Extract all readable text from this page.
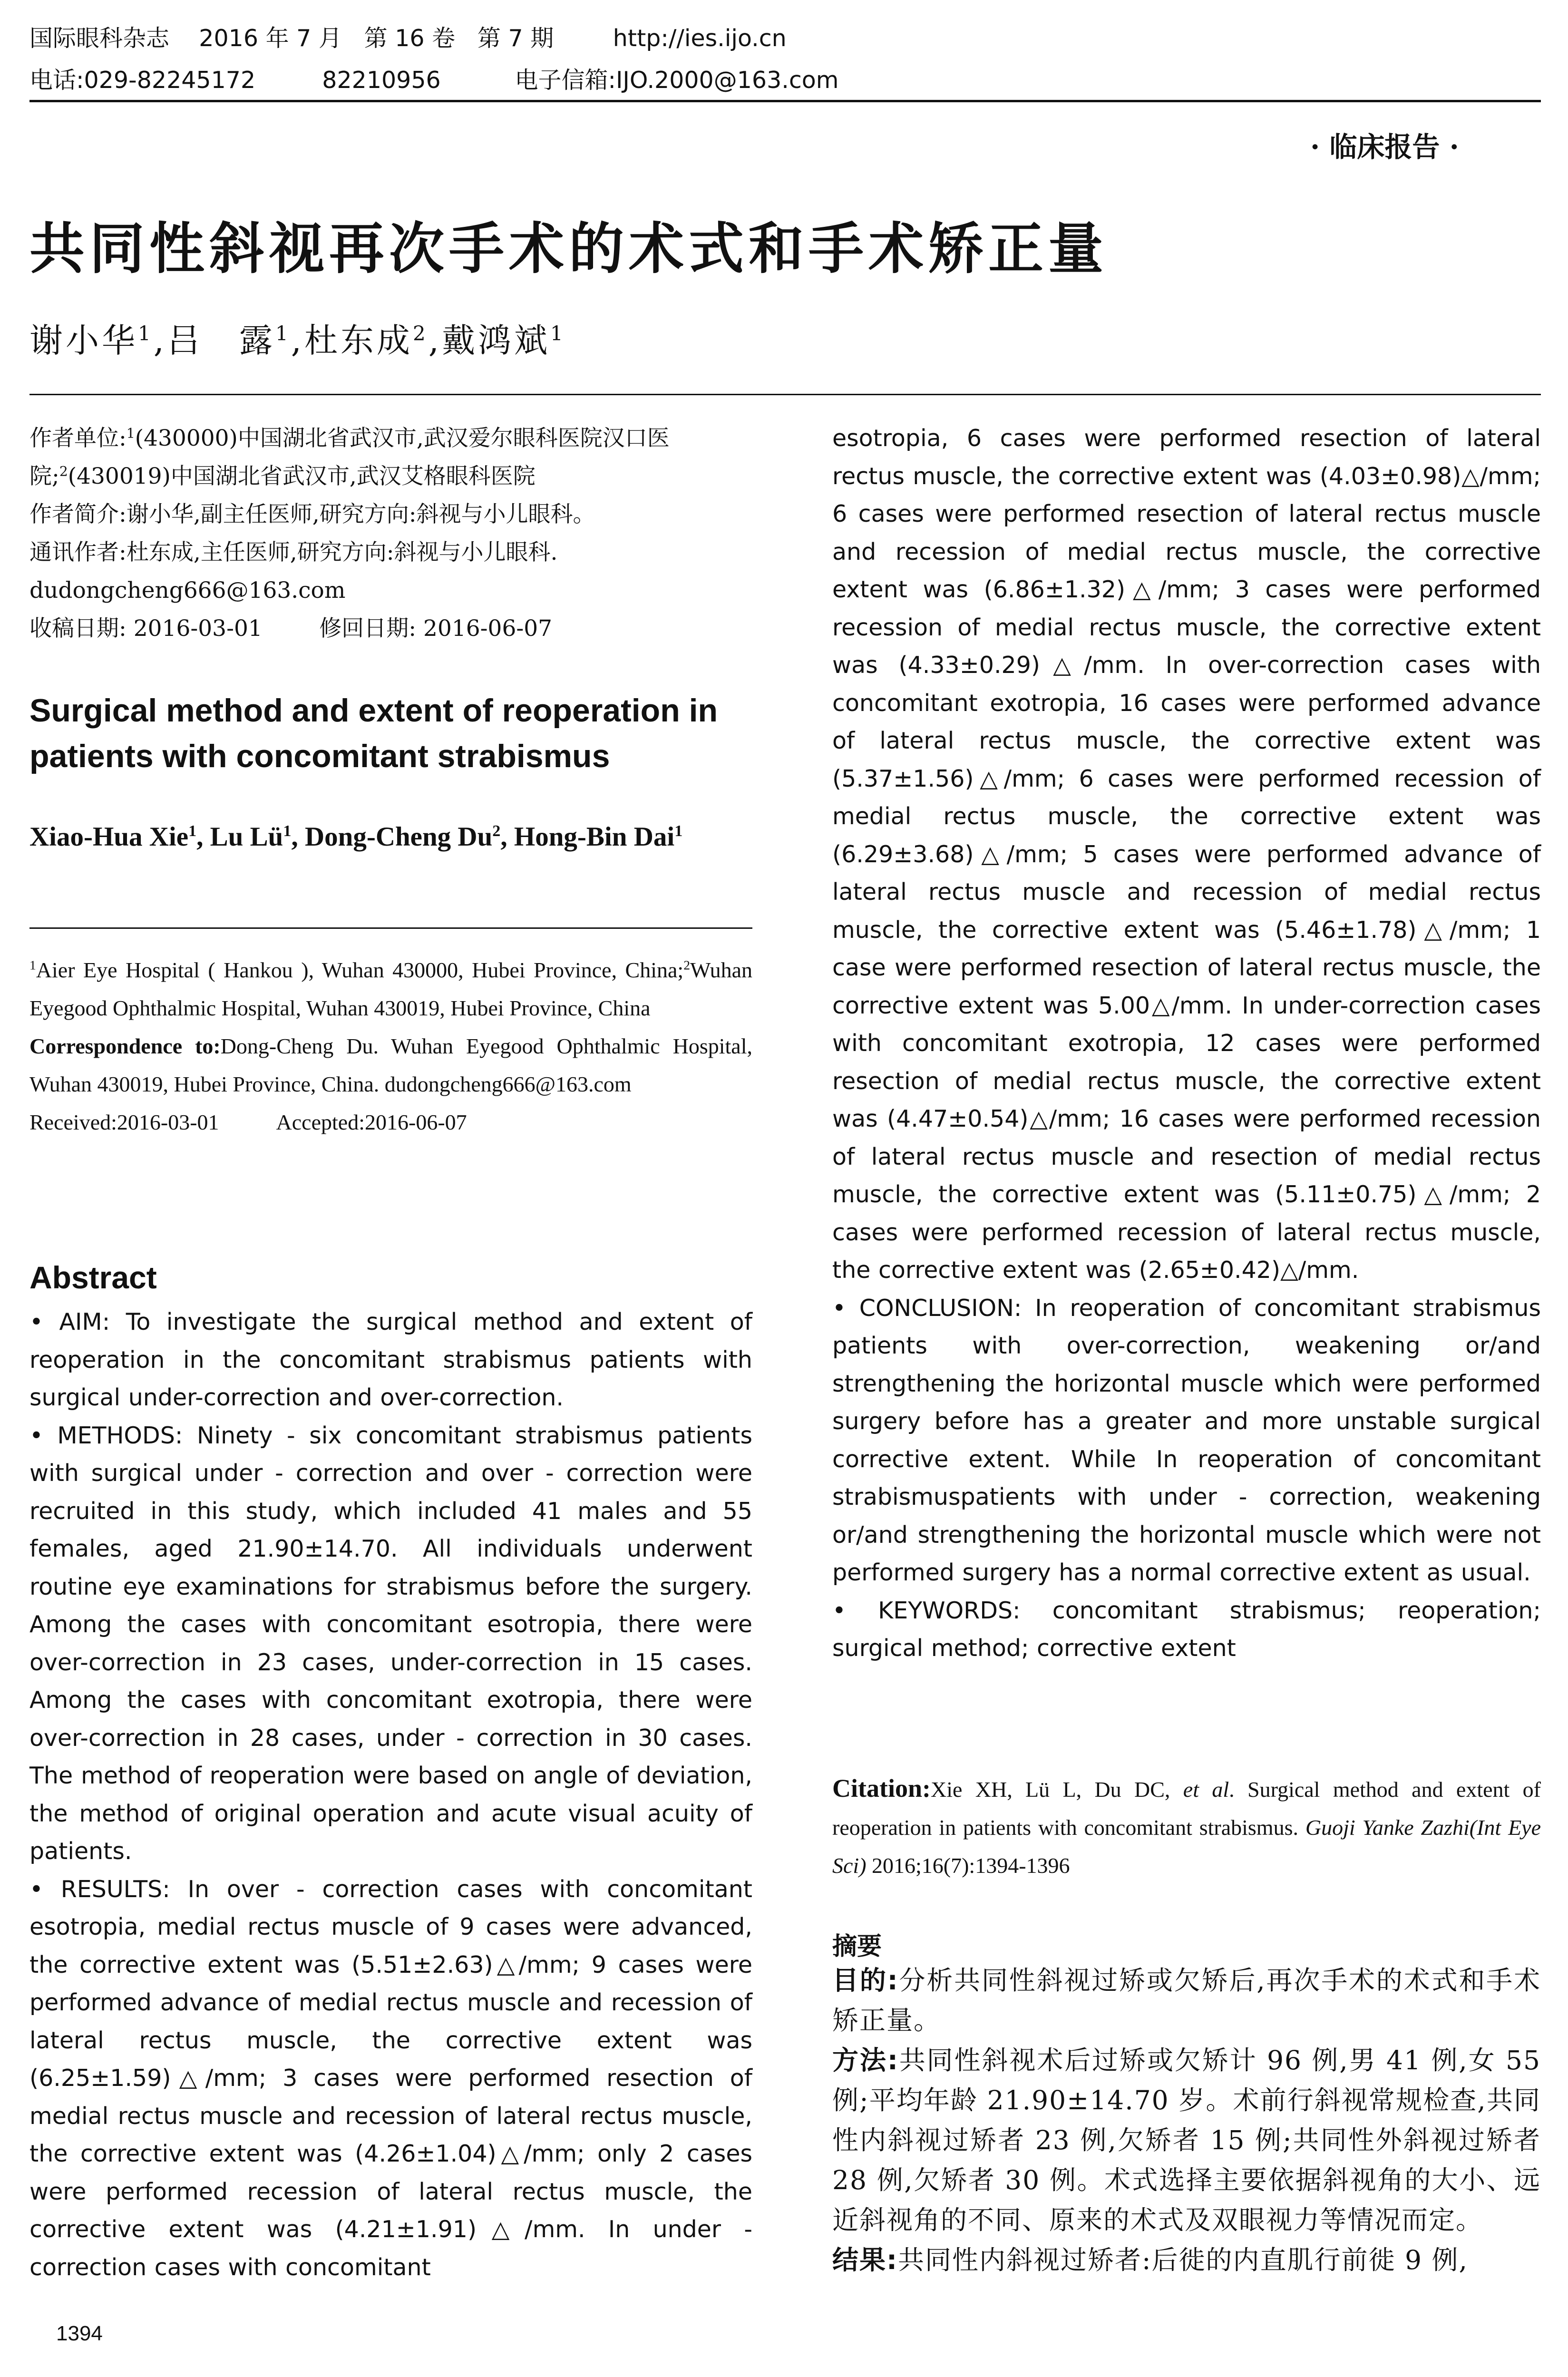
国际眼科杂志    2016 年 7 月   第 16 卷   第 7 期        http://ies.ijo.cn
电话:029-82245172         82210956          电子信箱:IJO.2000@163.com
· 临床报告 ·
共同性斜视再次手术的术式和手术矫正量
谢小华$^1$,吕　露$^1$,杜东成$^2$,戴鸿斌$^1$
作者单位:$^1$(430000)中国湖北省武汉市,武汉爱尔眼科医院汉口医院;$^2$(430019)中国湖北省武汉市,武汉艾格眼科医院
作者简介:谢小华,副主任医师,研究方向:斜视与小儿眼科。
通讯作者:杜东成,主任医师,研究方向:斜视与小儿眼科.
dudongcheng666@163.com
收稿日期: 2016-03-01        修回日期: 2016-06-07
Surgical method and extent of reoperation in patients with concomitant strabismus
Xiao-Hua Xie$^1$, Lu $Lü^1$, Dong-Cheng Du$^2$, Hong-Bin Dai$^1$
$^1$Aier Eye Hospital ( Hankou ), Wuhan 430000, Hubei Province, China;$^2$Wuhan Eyegood Ophthalmic Hospital, Wuhan 430019, Hubei Province, China
Correspondence to:Dong-Cheng Du. Wuhan Eyegood Ophthalmic Hospital, Wuhan 430019, Hubei Province, China. dudongcheng666@163.com
Received:2016-03-01	Accepted:2016-06-07
Abstract

• AIM: To investigate the surgical method and extent of reoperation in the concomitant strabismus patients with surgical under-correction and over-correction.

• METHODS: Ninety - six concomitant strabismus patients with surgical under - correction and over - correction were recruited in this study, which included 41 males and 55 females, aged 21.90±14.70. All individuals underwent routine eye examinations for strabismus before the surgery. Among the cases with concomitant esotropia, there were over-correction in 23 cases, under-correction in 15 cases. Among the cases with concomitant exotropia, there were over-correction in 28 cases, under - correction in 30 cases. The method of reoperation were based on angle of deviation, the method of original operation and acute visual acuity of patients.

• RESULTS: In over - correction cases with concomitant esotropia, medial rectus muscle of 9 cases were advanced, the corrective extent was (5.51±2.63)△/mm; 9 cases were performed advance of medial rectus muscle and recession of lateral rectus muscle, the corrective extent was (6.25±1.59)△/mm; 3 cases were performed resection of medial rectus muscle and recession of lateral rectus muscle, the corrective extent was (4.26±1.04)△/mm; only 2 cases were performed recession of lateral rectus muscle, the corrective extent was (4.21±1.91)△/mm. In under - correction cases with concomitant

1394

esotropia, 6 cases were performed resection of lateral rectus muscle, the corrective extent was (4.03±0.98)△/mm; 6 cases were performed resection of lateral rectus muscle and recession of medial rectus muscle, the corrective extent was (6.86±1.32)△/mm; 3 cases were performed recession of medial rectus muscle, the corrective extent was (4.33±0.29)△/mm. In over-correction cases with concomitant exotropia, 16 cases were performed advance of lateral rectus muscle, the corrective extent was (5.37±1.56)△/mm; 6 cases were performed recession of medial rectus muscle, the corrective extent was (6.29±3.68)△/mm; 5 cases were performed advance of lateral rectus muscle and recession of medial rectus muscle, the corrective extent was (5.46±1.78)△/mm; 1 case were performed resection of lateral rectus muscle, the corrective extent was 5.00△/mm. In under-correction cases with concomitant exotropia, 12 cases were performed resection of medial rectus muscle, the corrective extent was (4.47±0.54)△/mm; 16 cases were performed recession of lateral rectus muscle and resection of medial rectus muscle, the corrective extent was (5.11±0.75)△/mm; 2 cases were performed recession of lateral rectus muscle, the corrective extent was (2.65±0.42)△/mm.

• CONCLUSION: In reoperation of concomitant strabismus patients with over-correction, weakening or/and strengthening the horizontal muscle which were performed surgery before has a greater and more unstable surgical corrective extent. While In reoperation of concomitant strabismuspatients with under - correction, weakening or/and strengthening the horizontal muscle which were not performed surgery has a normal corrective extent as usual.

• KEYWORDS: concomitant strabismus; reoperation; surgical method; corrective extent

Citation:Xie XH, Lü L, Du DC, et al. Surgical method and extent of reoperation in patients with concomitant strabismus. Guoji Yanke Zazhi(Int Eye Sci) 2016;16(7):1394-1396
摘要

目的:分析共同性斜视过矫或欠矫后,再次手术的术式和手术矫正量。

方法:共同性斜视术后过矫或欠矫计 96 例,男 41 例,女 55 例;平均年龄 21.90±14.70 岁。术前行斜视常规检查,共同性内斜视过矫者 23 例,欠矫者 15 例;共同性外斜视过矫者 28 例,欠矫者 30 例。术式选择主要依据斜视角的大小、远近斜视角的不同、原来的术式及双眼视力等情况而定。

结果:共同性内斜视过矫者:后徙的内直肌行前徙 9 例,
